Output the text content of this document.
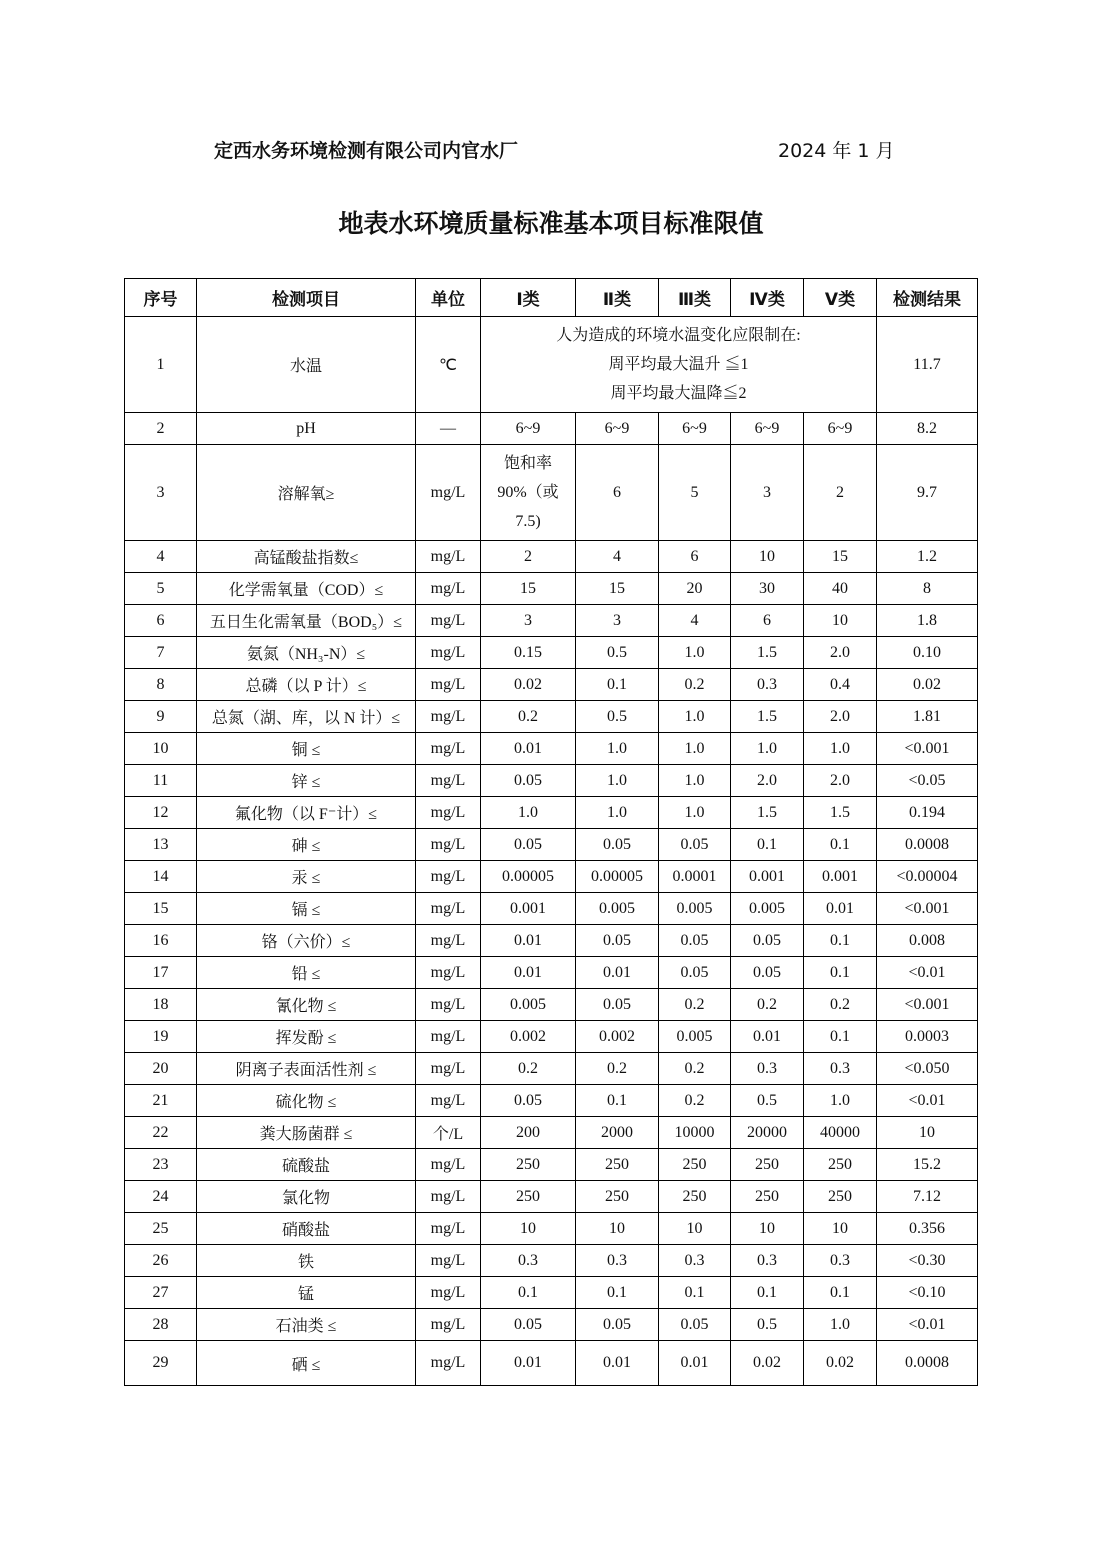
定西水务环境检测有限公司内官水厂	2024 年 1 月
地表水环境质量标准基本项目标准限值
序号	检测项目	单位	Ⅰ类	Ⅱ类	Ⅲ类	Ⅳ类	Ⅴ类	检测结果
1	水温	℃	人为造成的环境水温变化应限制在:
周平均最大温升 ≦1
周平均最大温降≦2					11.7
2	pH	—	6~9	6~9	6~9	6~9	6~9	8.2
3	溶解氧≥	mg/L	饱和率
90%（或
7.5)	6	5	3	2	9.7
4	高锰酸盐指数≤	mg/L	2	4	6	10	15	1.2
5	化学需氧量（COD）≤	mg/L	15	15	20	30	40	8
6	五日生化需氧量（BOD₅）≤	mg/L	3	3	4	6	10	1.8
7	氨氮（NH₃-N）≤	mg/L	0.15	0.5	1.0	1.5	2.0	0.10
8	总磷（以 P 计）≤	mg/L	0.02	0.1	0.2	0.3	0.4	0.02
9	总氮（湖、库，以 N 计）≤	mg/L	0.2	0.5	1.0	1.5	2.0	1.81
10	铜 ≤	mg/L	0.01	1.0	1.0	1.0	1.0	<0.001
11	锌 ≤	mg/L	0.05	1.0	1.0	2.0	2.0	<0.05
12	氟化物（以 F⁻计）≤	mg/L	1.0	1.0	1.0	1.5	1.5	0.194
13	砷 ≤	mg/L	0.05	0.05	0.05	0.1	0.1	0.0008
14	汞 ≤	mg/L	0.00005	0.00005	0.0001	0.001	0.001	<0.00004
15	镉 ≤	mg/L	0.001	0.005	0.005	0.005	0.01	<0.001
16	铬（六价）≤	mg/L	0.01	0.05	0.05	0.05	0.1	0.008
17	铅 ≤	mg/L	0.01	0.01	0.05	0.05	0.1	<0.01
18	氰化物 ≤	mg/L	0.005	0.05	0.2	0.2	0.2	<0.001
19	挥发酚 ≤	mg/L	0.002	0.002	0.005	0.01	0.1	0.0003
20	阴离子表面活性剂 ≤	mg/L	0.2	0.2	0.2	0.3	0.3	<0.050
21	硫化物 ≤	mg/L	0.05	0.1	0.2	0.5	1.0	<0.01
22	粪大肠菌群 ≤	个/L	200	2000	10000	20000	40000	10
23	硫酸盐	mg/L	250	250	250	250	250	15.2
24	氯化物	mg/L	250	250	250	250	250	7.12
25	硝酸盐	mg/L	10	10	10	10	10	0.356
26	铁	mg/L	0.3	0.3	0.3	0.3	0.3	<0.30
27	锰	mg/L	0.1	0.1	0.1	0.1	0.1	<0.10
28	石油类 ≤	mg/L	0.05	0.05	0.05	0.5	1.0	<0.01
29	硒 ≤	mg/L	0.01	0.01	0.01	0.02	0.02	0.0008
